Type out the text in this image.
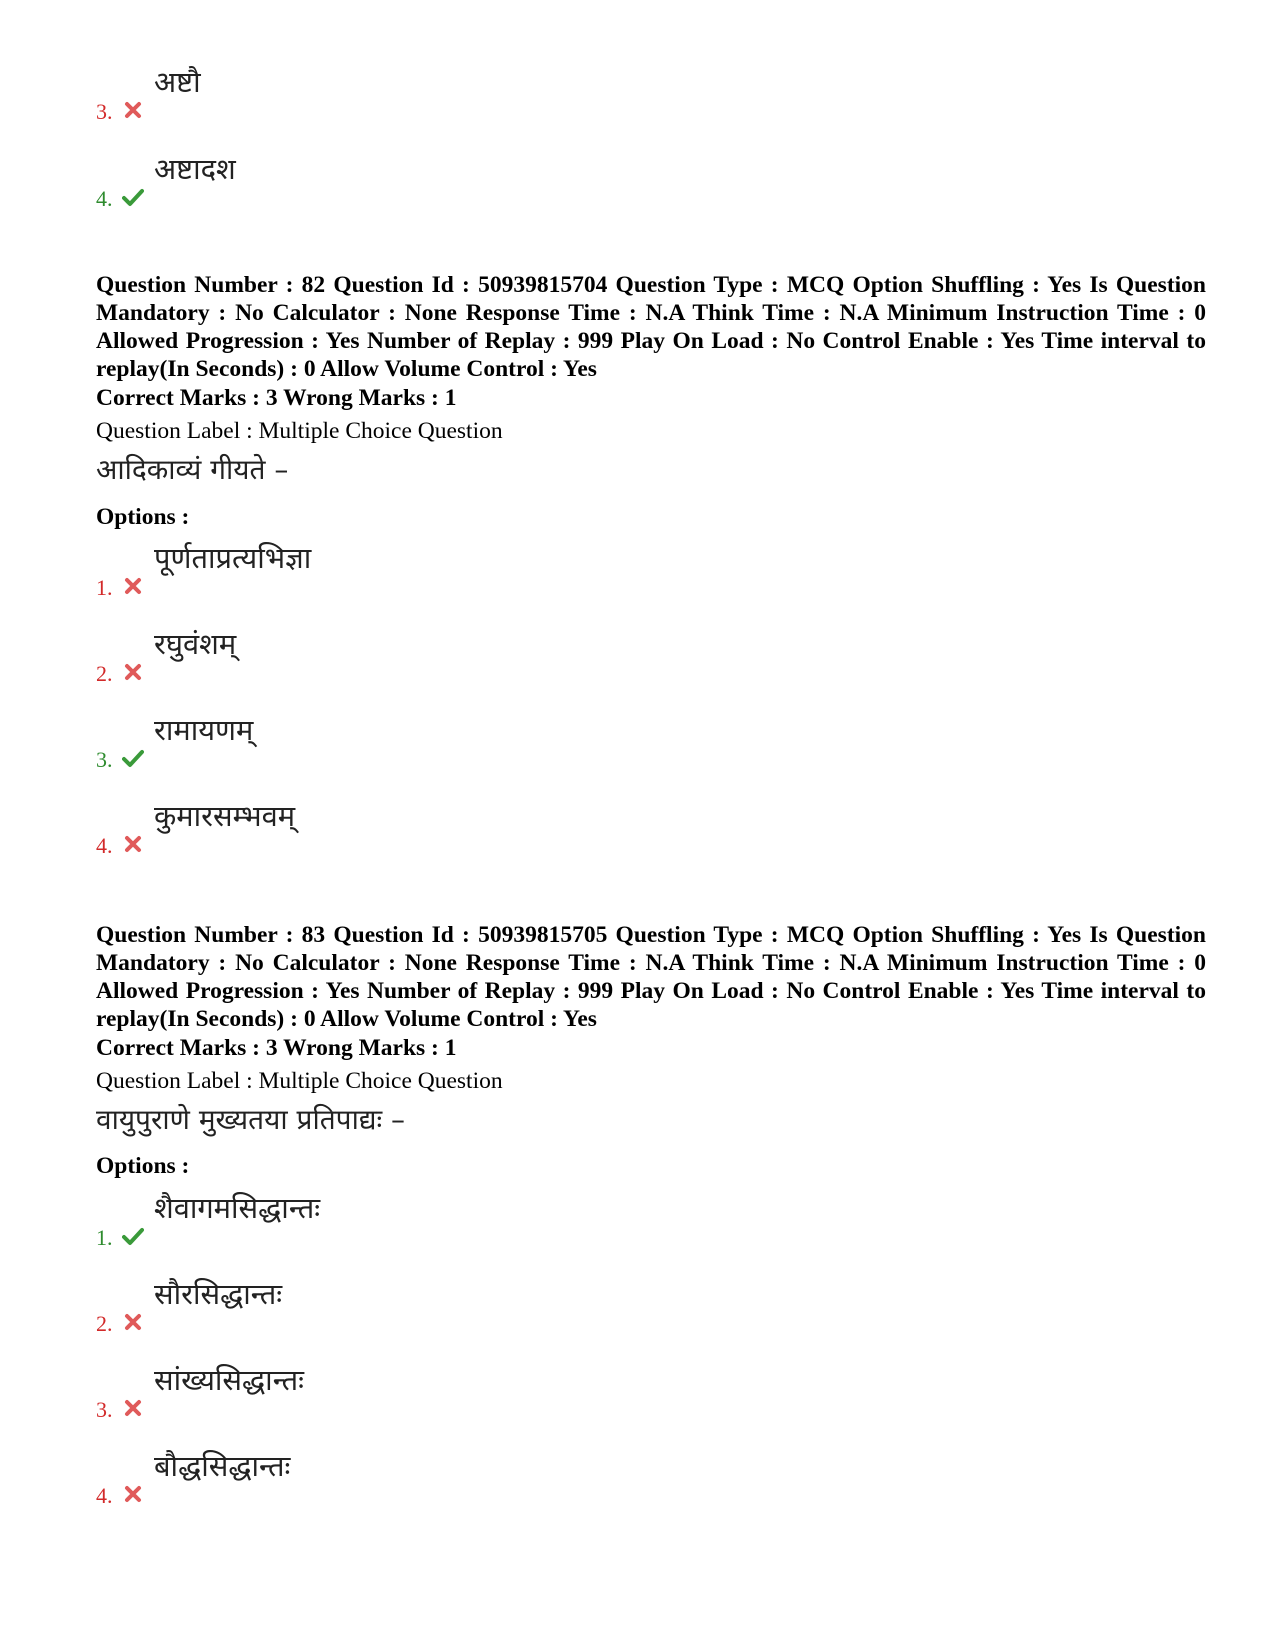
3.
अष्टौ
4.
अष्टादश
Question Number : 82 Question Id : 50939815704 Question Type : MCQ Option Shuffling : Yes Is Question Mandatory : No Calculator : None Response Time : N.A Think Time : N.A Minimum Instruction Time : 0 Allowed Progression : Yes Number of Replay : 999 Play On Load : No Control Enable : Yes Time interval to replay(In Seconds) : 0 Allow Volume Control : Yes
Correct Marks : 3 Wrong Marks : 1
Question Label : Multiple Choice Question
आदिकाव्यं गीयते –
Options :
1.
पूर्णताप्रत्यभिज्ञा
2.
रघुवंशम्
3.
रामायणम्
4.
कुमारसम्भवम्
Question Number : 83 Question Id : 50939815705 Question Type : MCQ Option Shuffling : Yes Is Question Mandatory : No Calculator : None Response Time : N.A Think Time : N.A Minimum Instruction Time : 0 Allowed Progression : Yes Number of Replay : 999 Play On Load : No Control Enable : Yes Time interval to replay(In Seconds) : 0 Allow Volume Control : Yes
Correct Marks : 3 Wrong Marks : 1
Question Label : Multiple Choice Question
वायुपुराणे मुख्यतया प्रतिपाद्यः –
Options :
1.
शैवागमसिद्धान्तः
2.
सौरसिद्धान्तः
3.
सांख्यसिद्धान्तः
4.
बौद्धसिद्धान्तः
